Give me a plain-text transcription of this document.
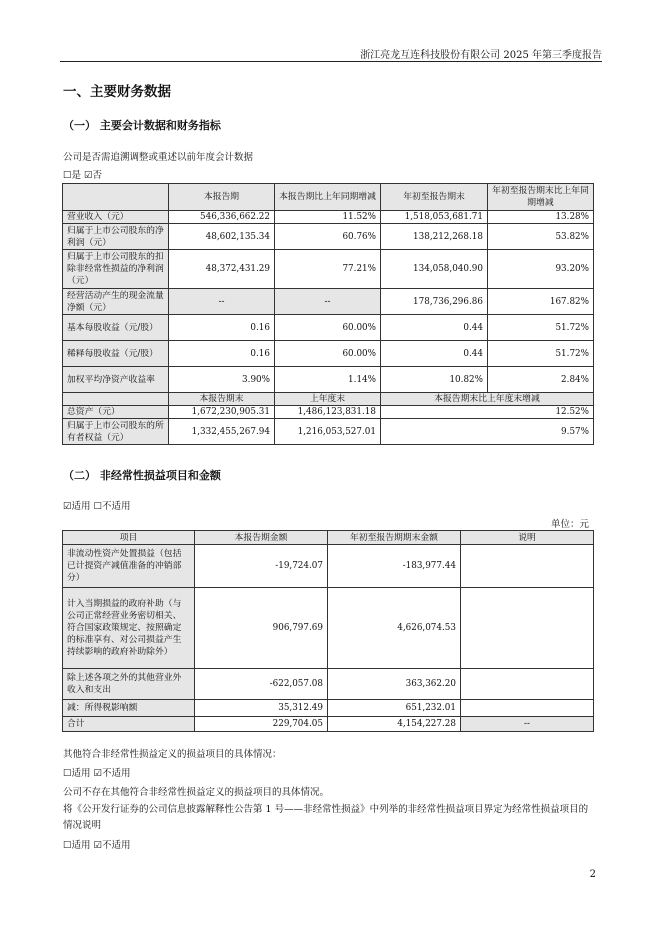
浙江亮龙互连科技股份有限公司 2025 年第三季度报告
一、主要财务数据
（一） 主要会计数据和财务指标
公司是否需追溯调整或重述以前年度会计数据
☐是 ☑否
	本报告期	本报告期比上年同期增减	年初至报告期末	年初至报告期末比上年同期增减
营业收入（元）	546,336,662.22	11.52%	1,518,053,681.71	13.28%
归属于上市公司股东的净利润（元）	48,602,135.34	60.76%	138,212,268.18	53.82%
归属于上市公司股东的扣除非经常性损益的净利润（元）	48,372,431.29	77.21%	134,058,040.90	93.20%
经营活动产生的现金流量净额（元）	--	--	178,736,296.86	167.82%
基本每股收益（元/股）	0.16	60.00%	0.44	51.72%
稀释每股收益（元/股）	0.16	60.00%	0.44	51.72%
加权平均净资产收益率	3.90%	1.14%	10.82%	2.84%
	本报告期末	上年度末	本报告期末比上年度末增减	
总资产（元）	1,672,230,905.31	1,486,123,831.18	12.52%	
归属于上市公司股东的所有者权益（元）	1,332,455,267.94	1,216,053,527.01	9.57%	
（二） 非经常性损益项目和金额
☑适用 ☐不适用
单位：元
项目	本报告期金额	年初至报告期期末金额	说明
非流动性资产处置损益（包括已计提资产减值准备的冲销部分）	-19,724.07	-183,977.44	
计入当期损益的政府补助（与公司正常经营业务密切相关、符合国家政策规定、按照确定的标准享有、对公司损益产生持续影响的政府补助除外）	906,797.69	4,626,074.53	
除上述各项之外的其他营业外收入和支出	-622,057.08	363,362.20	
减：所得税影响额	35,312.49	651,232.01	
合计	229,704.05	4,154,227.28	--
其他符合非经常性损益定义的损益项目的具体情况：
☐适用 ☑不适用
公司不存在其他符合非经常性损益定义的损益项目的具体情况。
将《公开发行证券的公司信息披露解释性公告第 1 号——非经常性损益》中列举的非经常性损益项目界定为经常性损益项目的情况说明
☐适用 ☑不适用
2
